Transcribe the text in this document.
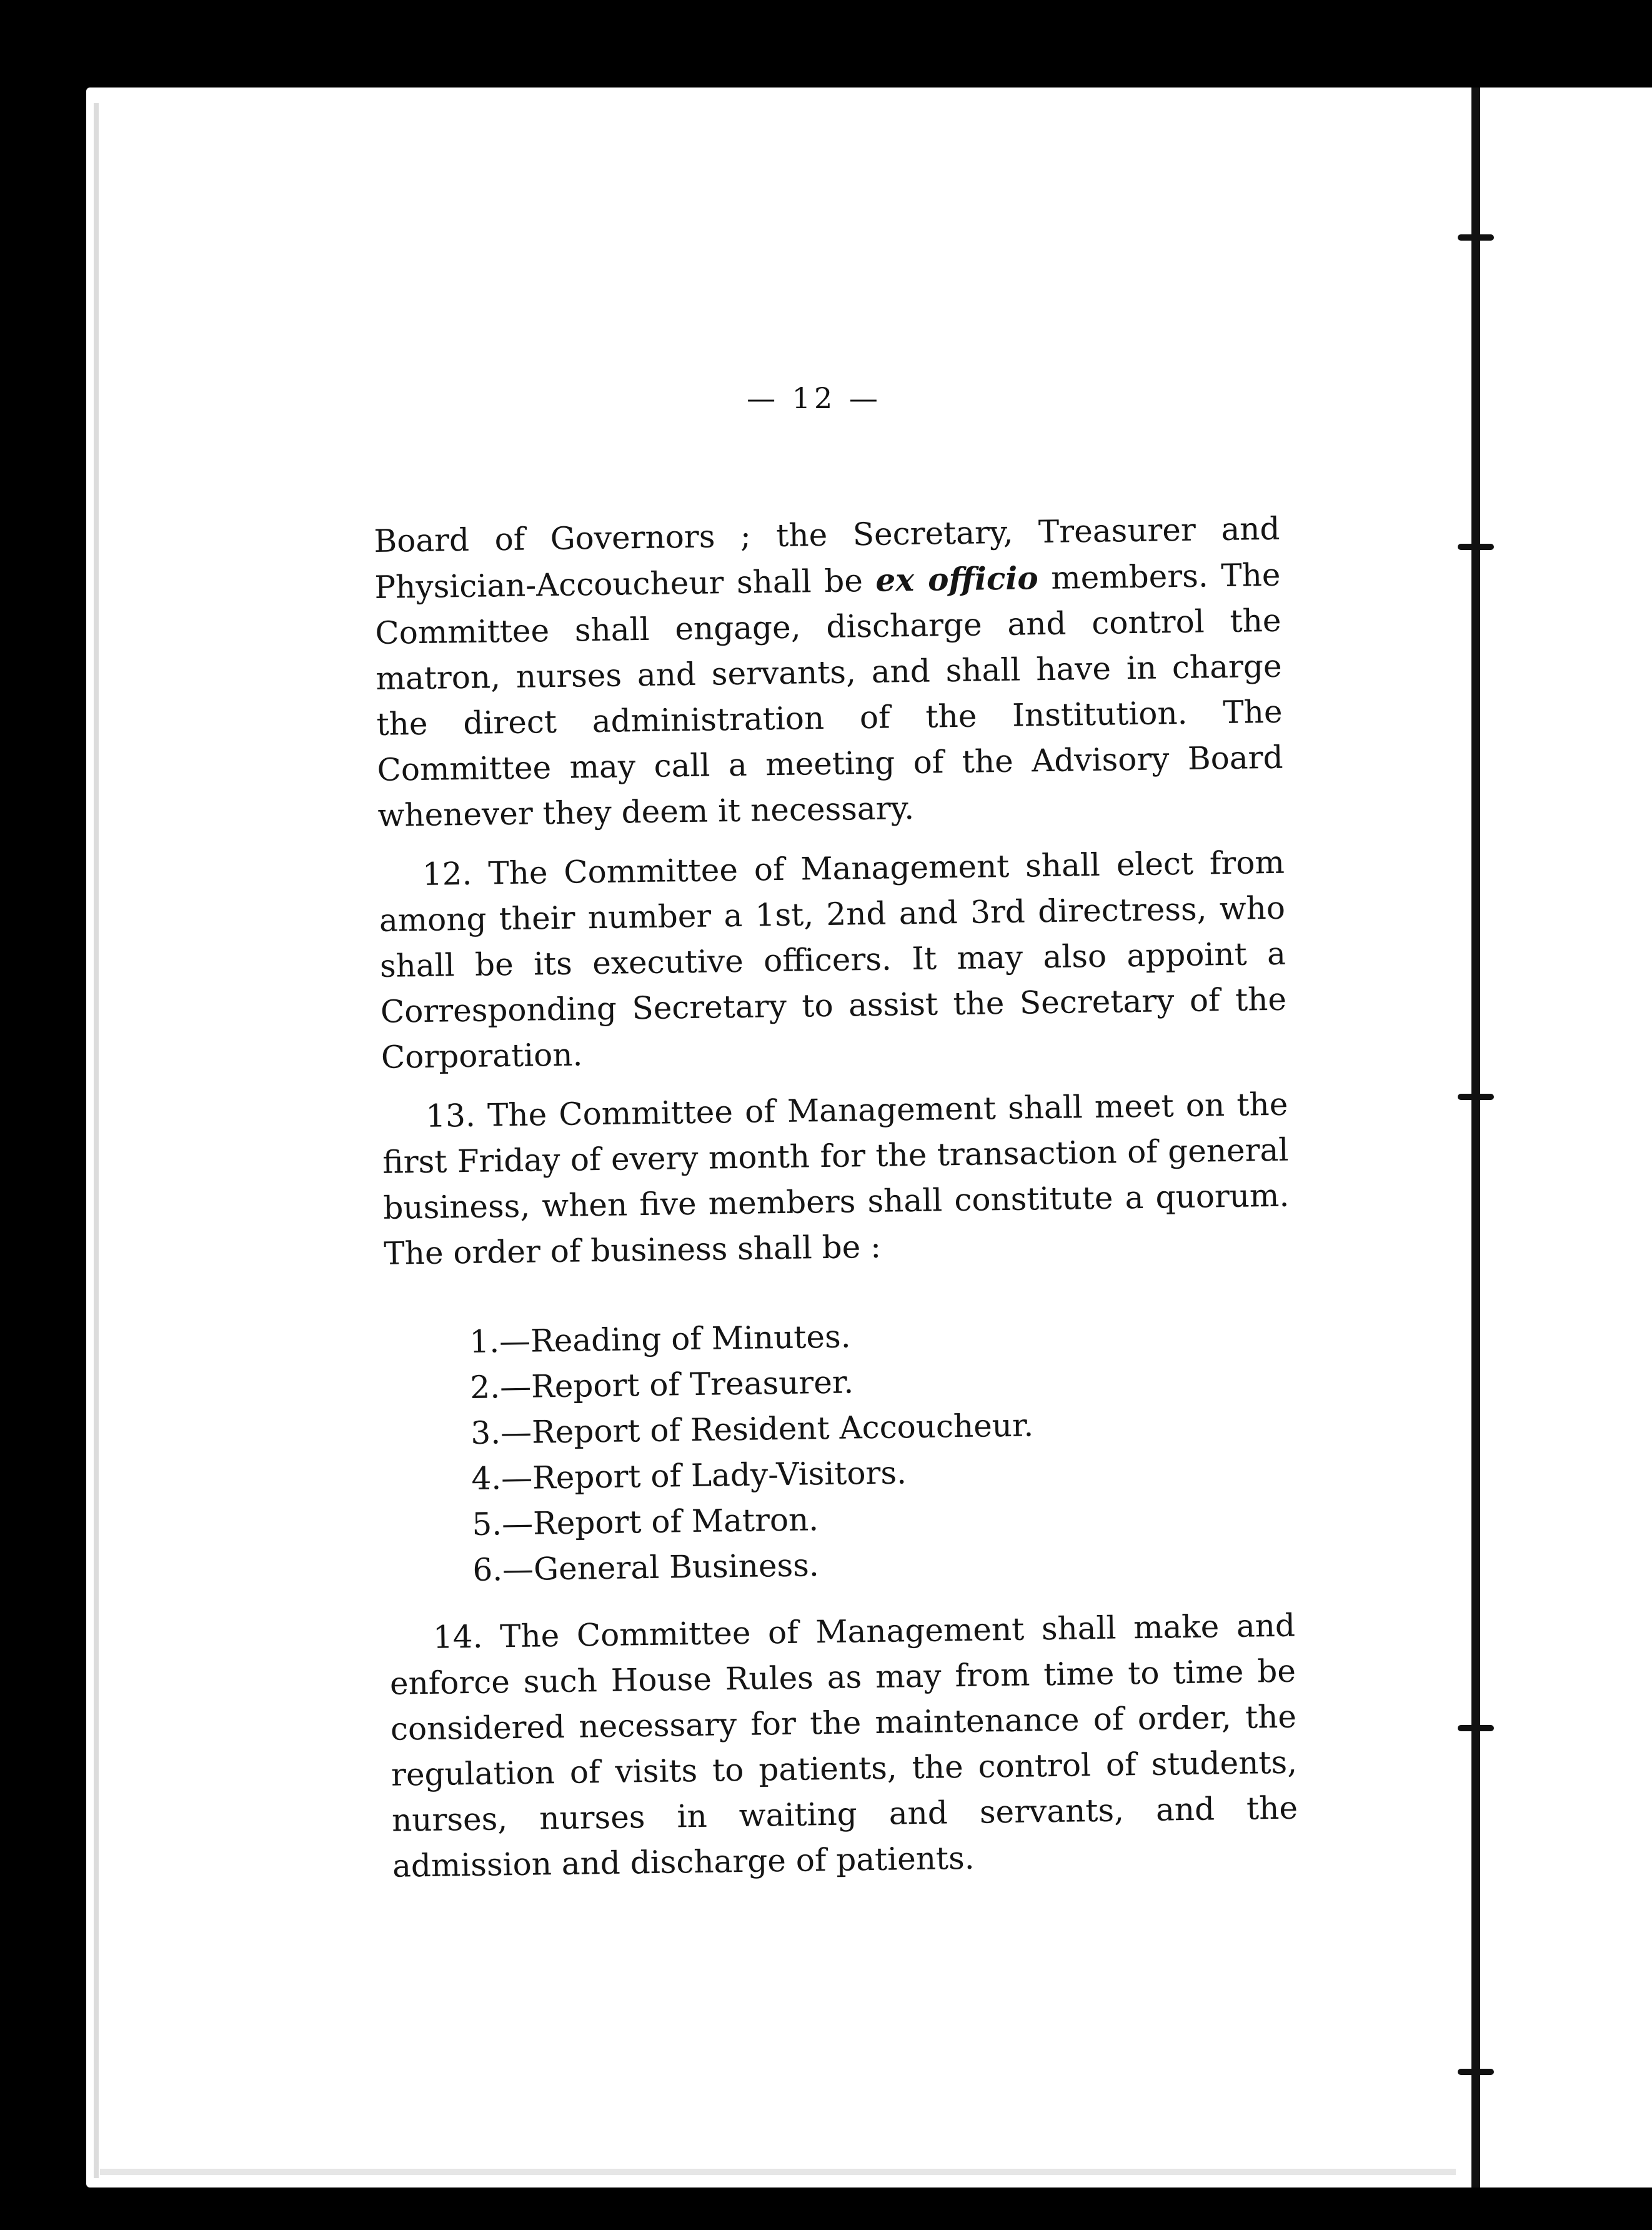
— 12 —

Board of Governors ; the Secretary, Treasurer and Physician-Accoucheur shall be ex officio members. The Committee shall engage, discharge and control the matron, nurses and servants, and shall have in charge the direct administration of the Institution. The Committee may call a meeting of the Advisory Board whenever they deem it necessary.

12. The Committee of Management shall elect from among their number a 1st, 2nd and 3rd directress, who shall be its executive officers. It may also appoint a Corresponding Secretary to assist the Secretary of the Corporation.

13. The Committee of Management shall meet on the first Friday of every month for the transaction of general business, when five members shall constitute a quorum. The order of business shall be :

1.—Reading of Minutes.
2.—Report of Treasurer.
3.—Report of Resident Accoucheur.
4.—Report of Lady-Visitors.
5.—Report of Matron.
6.—General Business.

14. The Committee of Management shall make and enforce such House Rules as may from time to time be considered necessary for the maintenance of order, the regulation of visits to patients, the control of students, nurses, nurses in waiting and servants, and the admission and discharge of patients.
